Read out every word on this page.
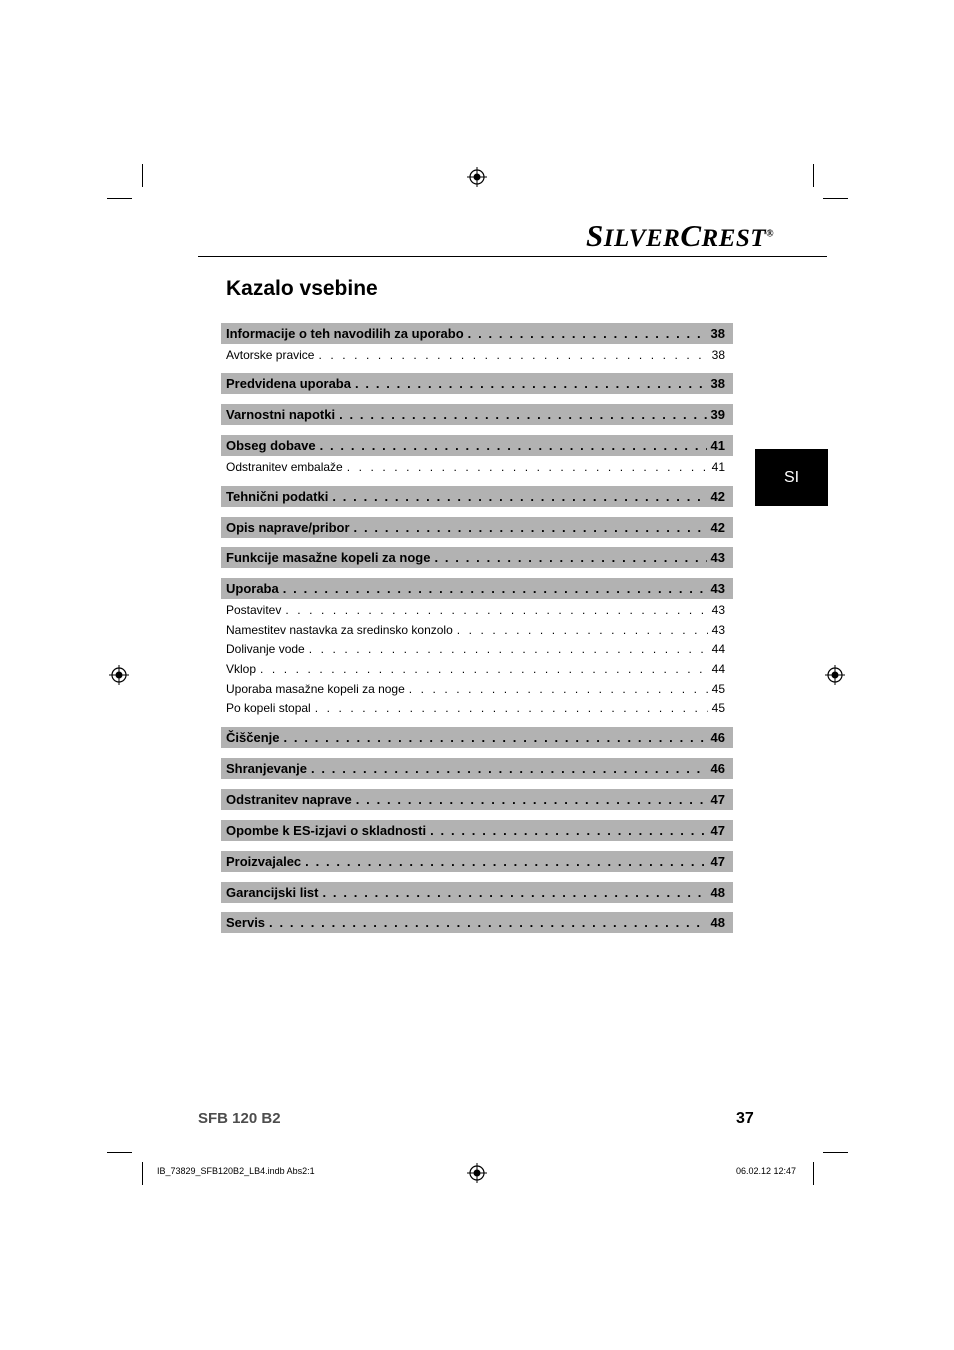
SILVERCREST®
Kazalo vsebine
SI
Informacije o teh navodilih za uporabo . . .	38
Avtorske pravice . . .	38
Predvidena uporaba . . .	38
Varnostni napotki . . .	39
Obseg dobave . . .	41
Odstranitev embalaže . . .	41
Tehnični podatki . . .	42
Opis naprave/pribor . . .	42
Funkcije masažne kopeli za noge . . .	43
Uporaba . . .	43
Postavitev . . .	43
Namestitev nastavka za sredinsko konzolo . . .	43
Dolivanje vode . . .	44
Vklop . . .	44
Uporaba masažne kopeli za noge . . .	45
Po kopeli stopal . . .	45
Čiščenje . . .	46
Shranjevanje . . .	46
Odstranitev naprave . . .	47
Opombe k ES-izjavi o skladnosti . . .	47
Proizvajalec . . .	47
Garancijski list . . .	48
Servis . . .	48
SFB 120 B2	37
IB_73829_SFB120B2_LB4.indb Abs2:1	06.02.12 12:47
